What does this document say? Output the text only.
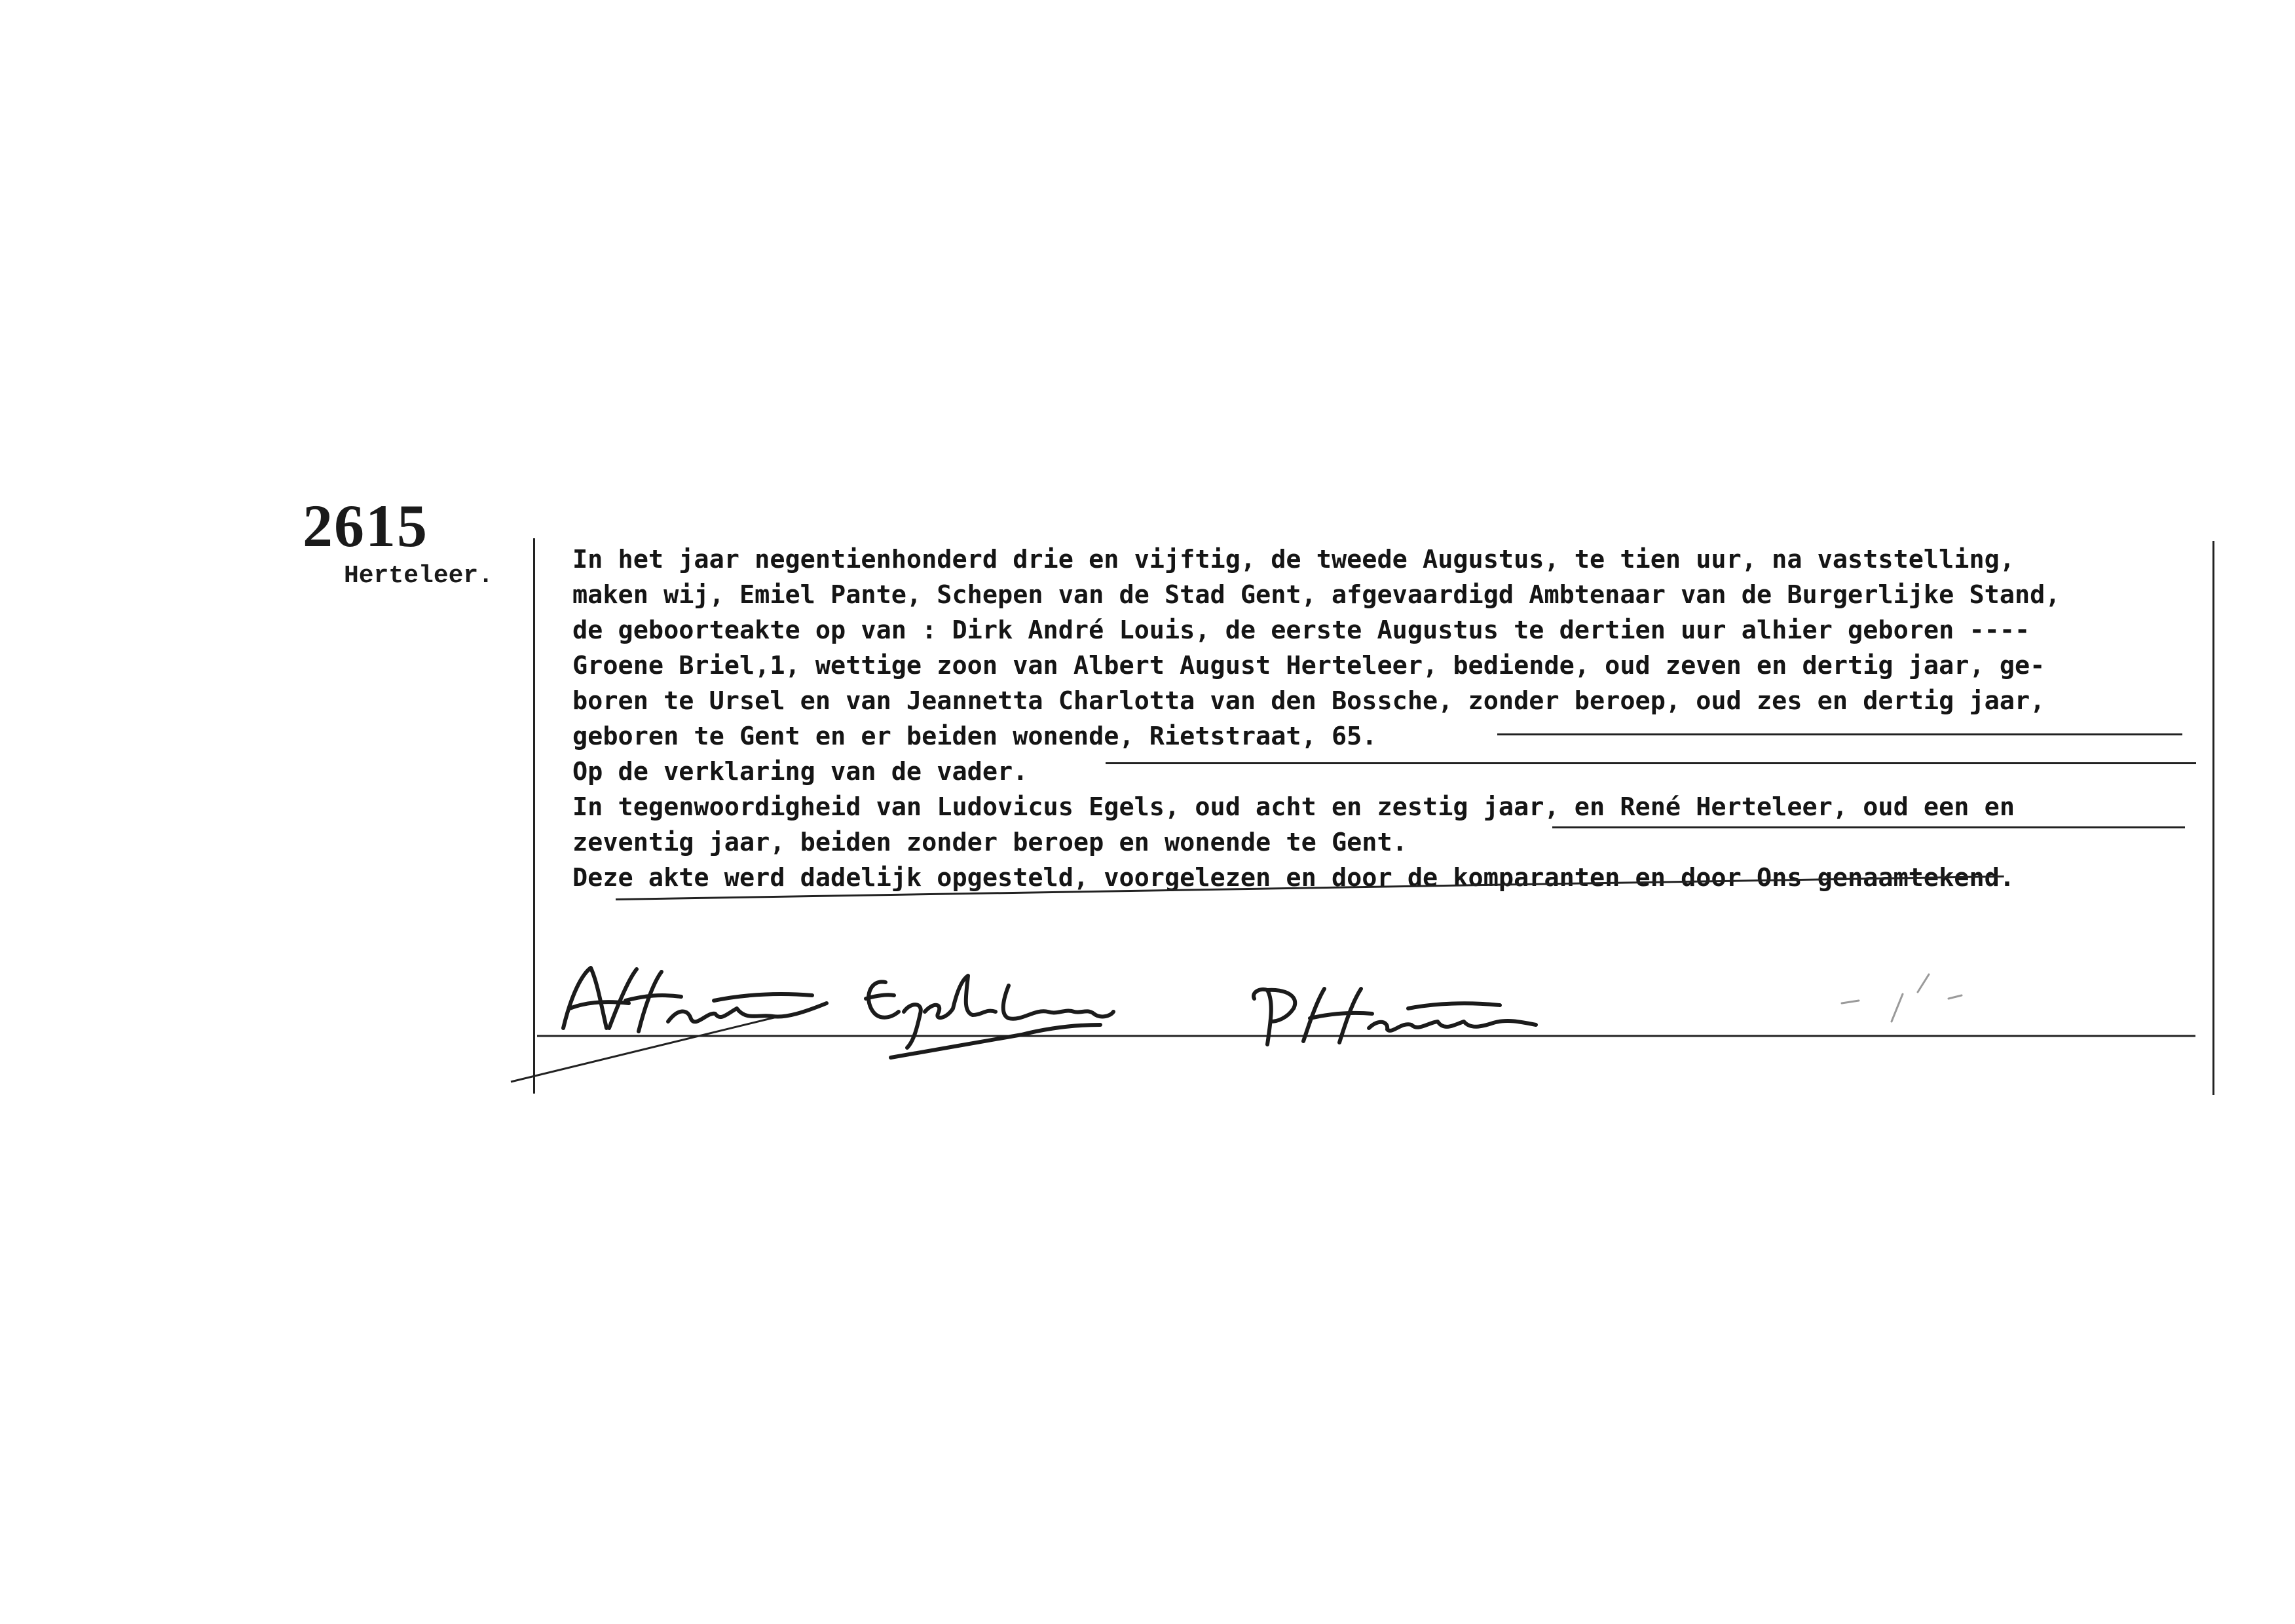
2615
Herteleer.
In het jaar negentienhonderd drie en vijftig, de tweede Augustus, te tien uur, na vaststelling,
maken wij, Emiel Pante, Schepen van de Stad Gent, afgevaardigd Ambtenaar van de Burgerlijke Stand,
de geboorteakte op van : Dirk André Louis, de eerste Augustus te dertien uur alhier geboren ----
Groene Briel,1, wettige zoon van Albert August Herteleer, bediende, oud zeven en dertig jaar, ge-
boren te Ursel en van Jeannetta Charlotta van den Bossche, zonder beroep, oud zes en dertig jaar,
geboren te Gent en er beiden wonende, Rietstraat, 65.
Op de verklaring van de vader.
In tegenwoordigheid van Ludovicus Egels, oud acht en zestig jaar, en René Herteleer, oud een en
zeventig jaar, beiden zonder beroep en wonende te Gent.
Deze akte werd dadelijk opgesteld, voorgelezen en door de komparanten en door Ons genaamtekend.
